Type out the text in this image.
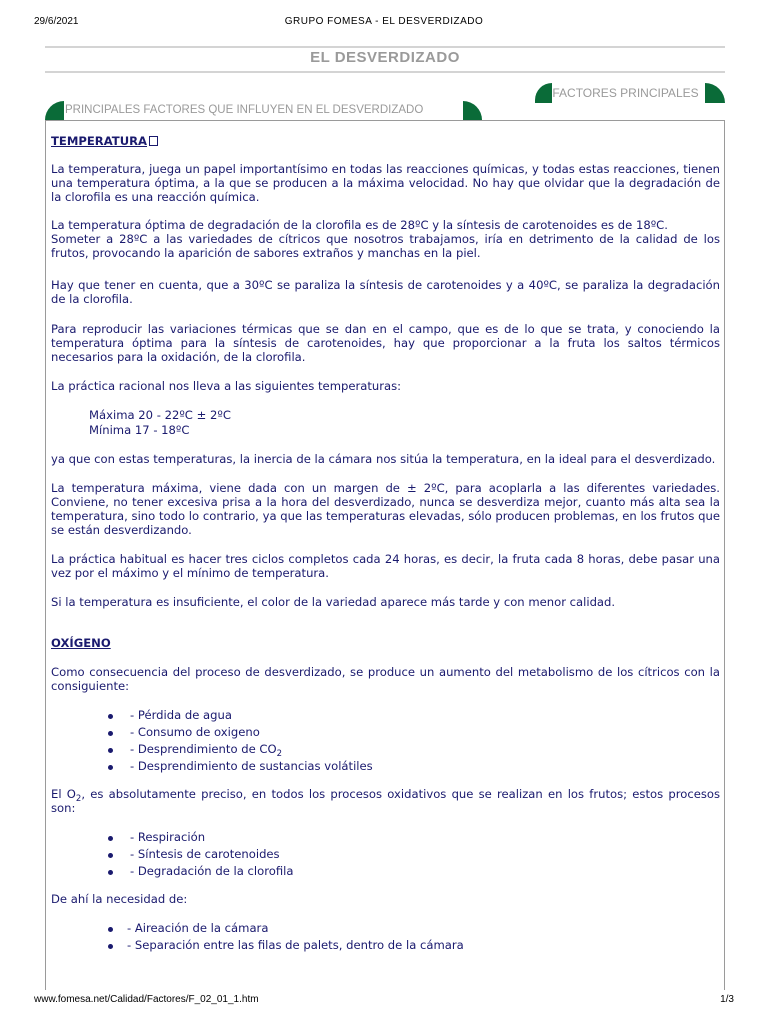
29/6/2021	GRUPO FOMESA - EL DESVERDIZADO
EL DESVERDIZADO
FACTORES PRINCIPALES
PRINCIPALES FACTORES QUE INFLUYEN EN EL DESVERDIZADO
TEMPERATURA

La temperatura, juega un papel importantísimo en todas las reacciones químicas, y todas estas reacciones, tienen una temperatura óptima, a la que se producen a la máxima velocidad. No hay que olvidar que la degradación de la clorofila es una reacción química.

La temperatura óptima de degradación de la clorofila es de 28ºC y la síntesis de carotenoides es de 18ºC.

Someter a 28ºC a las variedades de cítricos que nosotros trabajamos, iría en detrimento de la calidad de los frutos, provocando la aparición de sabores extraños y manchas en la piel.

Hay que tener en cuenta, que a 30ºC se paraliza la síntesis de carotenoides y a 40ºC, se paraliza la degradación de la clorofila.

Para reproducir las variaciones térmicas que se dan en el campo, que es de lo que se trata, y conociendo la temperatura óptima para la síntesis de carotenoides, hay que proporcionar a la fruta los saltos térmicos necesarios para la oxidación, de la clorofila.

La práctica racional nos lleva a las siguientes temperaturas:

Máxima 20 - 22ºC ± 2ºC
Mínima 17 - 18ºC

ya que con estas temperaturas, la inercia de la cámara nos sitúa la temperatura, en la ideal para el desverdizado.

La temperatura máxima, viene dada con un margen de ± 2ºC, para acoplarla a las diferentes variedades. Conviene, no tener excesiva prisa a la hora del desverdizado, nunca se desverdiza mejor, cuanto más alta sea la temperatura, sino todo lo contrario, ya que las temperaturas elevadas, sólo producen problemas, en los frutos que se están desverdizando.

La práctica habitual es hacer tres ciclos completos cada 24 horas, es decir, la fruta cada 8 horas, debe pasar una vez por el máximo y el mínimo de temperatura.

Si la temperatura es insuficiente, el color de la variedad aparece más tarde y con menor calidad.

OXÍGENO

Como consecuencia del proceso de desverdizado, se produce un aumento del metabolismo de los cítricos con la consiguiente:

- Pérdida de agua
- Consumo de oxigeno
- Desprendimiento de $CO_2$
- Desprendimiento de sustancias volátiles

El $O_2$, es absolutamente preciso, en todos los procesos oxidativos que se realizan en los frutos; estos procesos son:

- Respiración
- Síntesis de carotenoides
- Degradación de la clorofila

De ahí la necesidad de:

- Aireación de la cámara
- Separación entre las filas de palets, dentro de la cámara
www.fomesa.net/Calidad/Factores/F_02_01_1.htm	1/3
